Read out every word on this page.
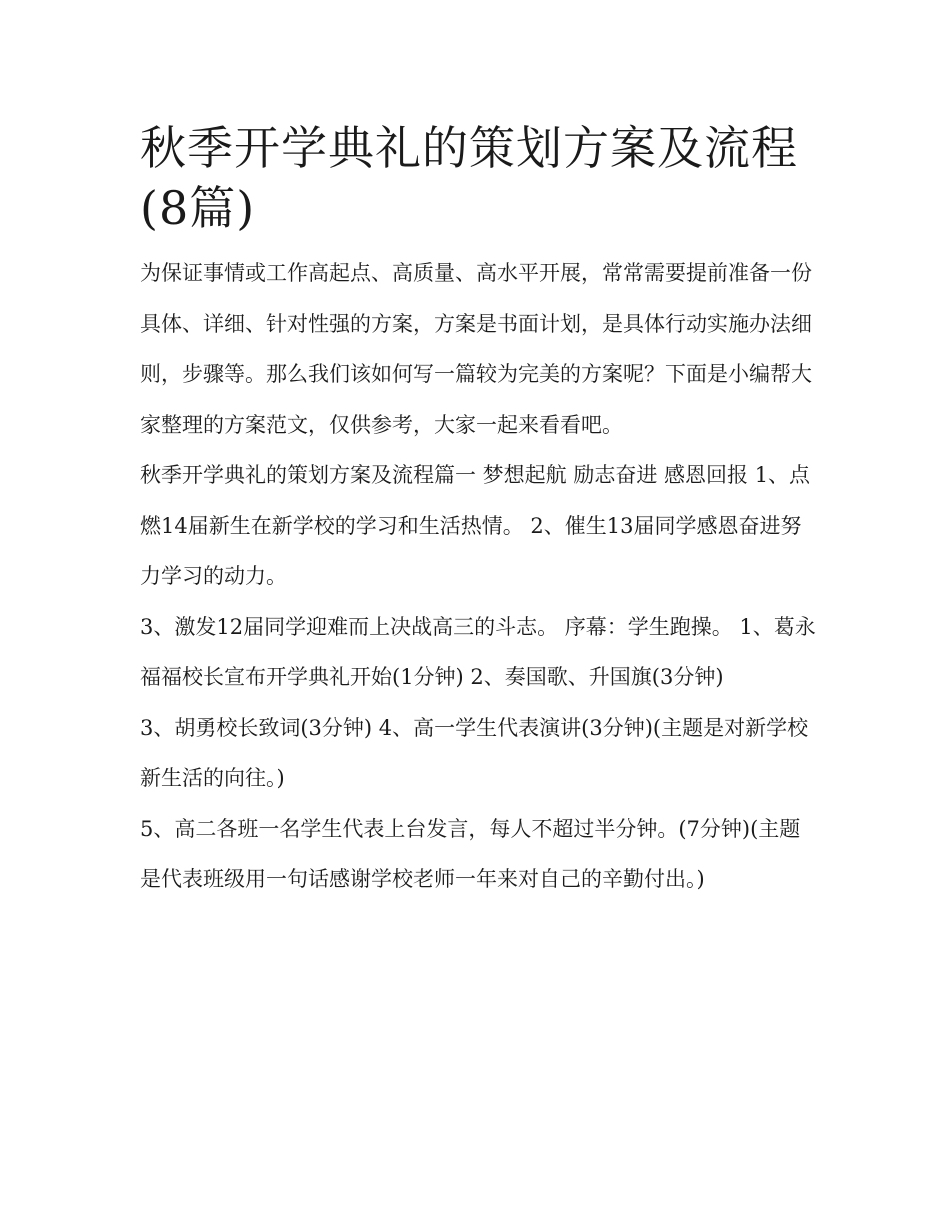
秋季开学典礼的策划方案及流程(8篇)

为保证事情或工作高起点、高质量、高水平开展，常常需要提前准备一份具体、详细、针对性强的方案，方案是书面计划，是具体行动实施办法细则，步骤等。那么我们该如何写一篇较为完美的方案呢？下面是小编帮大家整理的方案范文，仅供参考，大家一起来看看吧。

秋季开学典礼的策划方案及流程篇一 梦想起航 励志奋进 感恩回报 1、点燃14届新生在新学校的学习和生活热情。 2、催生13届同学感恩奋进努力学习的动力。

3、激发12届同学迎难而上决战高三的斗志。 序幕：学生跑操。 1、葛永福福校长宣布开学典礼开始(1分钟) 2、奏国歌、升国旗(3分钟)

3、胡勇校长致词(3分钟) 4、高一学生代表演讲(3分钟)(主题是对新学校新生活的向往。)

5、高二各班一名学生代表上台发言，每人不超过半分钟。(7分钟)(主题是代表班级用一句话感谢学校老师一年来对自己的辛勤付出。)
